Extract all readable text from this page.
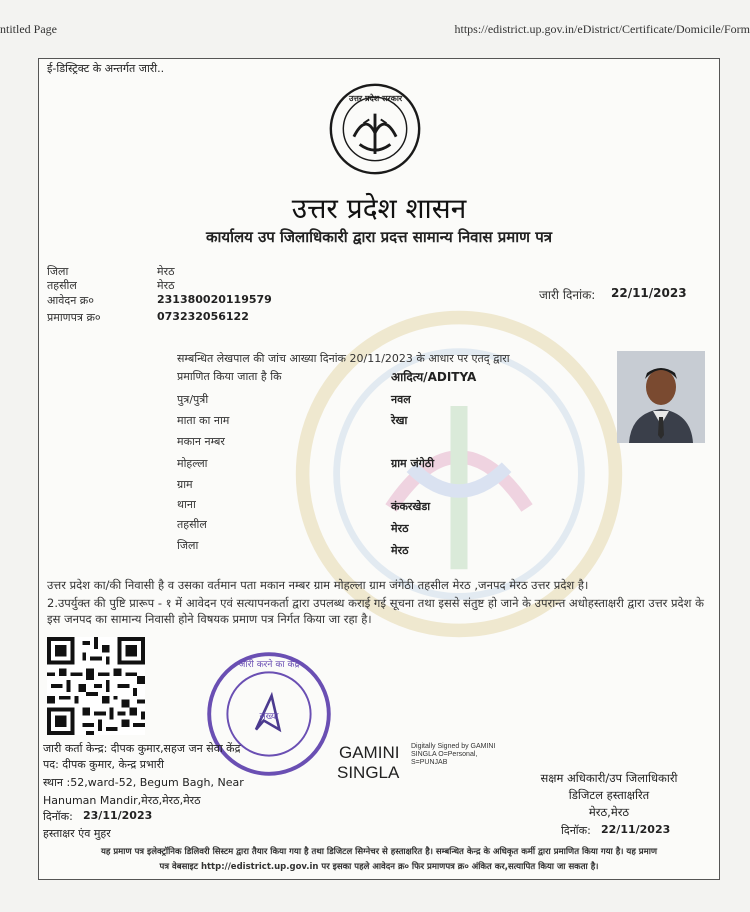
ntitled Page	https://edistrict.up.gov.in/eDistrict/Certificate/Domicile/Form
ई-डिस्ट्रिक्ट के अन्तर्गत जारी..
उत्तर प्रदेश सरकार
उत्तर प्रदेश शासन
कार्यालय उप जिलाधिकारी द्वारा प्रदत्त सामान्य निवास प्रमाण पत्र
जिला	मेरठ
तहसील	मेरठ
आवेदन क्र०	231380020119579
प्रमाणपत्र क्र०	073232056122
जारी दिनांक: 22/11/2023
सम्बन्धित लेखपाल की जांच आख्या दिनांक 20/11/2023 के आधार पर एतद् द्वारा
प्रमाणित किया जाता है कि	आदित्य/ADITYA
पुत्र/पुत्री	नवल
माता का नाम	रेखा
मकान नम्बर
मोहल्ला	ग्राम जंगेठी
ग्राम
थाना	कंकरखेडा
तहसील	मेरठ
जिला	मेरठ
उत्तर प्रदेश का/की निवासी है व उसका वर्तमान पता मकान नम्बर ग्राम मोहल्ला ग्राम जंगेठी तहसील मेरठ ,जनपद मेरठ उत्तर प्रदेश है।
2.उपर्युक्त की पुष्टि प्रारूप - १ में आवेदन एवं सत्यापनकर्ता द्वारा उपलब्ध कराई गई सूचना तथा इससे संतुष्ट हो जाने के उपरान्त अधोहस्ताक्षरी द्वारा उत्तर प्रदेश के इस जनपद का सामान्य निवासी होने विषयक प्रमाण पत्र निर्गत किया जा रहा है।
जारी करने का केंद्र
संख्या
जारी कर्ता केन्द्र: दीपक कुमार,सहज जन सेवा केंद्र
पद: दीपक कुमार, केन्द्र प्रभारी
स्थान :52,ward-52, Begum Bagh, Near
Hanuman Mandir,मेरठ,मेरठ,मेरठ
दिनॉक: 23/11/2023
हस्ताक्षर एंव मुहर
GAMINI
SINGLA
Digitally Signed by GAMINI
SINGLA O=Personal,
S=PUNJAB
सक्षम अधिकारी/उप जिलाधिकारी
डिजिटल हस्ताक्षरित
मेरठ,मेरठ
दिनॉक: 22/11/2023
यह प्रमाण पत्र इलेक्ट्रॉनिक डिलिवरी सिस्टम द्वारा तैयार किया गया है तथा डिजिटल सिग्नेचर से हस्ताक्षरित है। सम्बन्धित केन्द्र के अधिकृत कर्मी द्वारा प्रमाणित किया गया है। यह प्रमाण
पत्र वेबसाइट http://edistrict.up.gov.in पर इसका पहले आवेदन क्र० फिर प्रमाणपत्र क्र० अंकित कर,सत्यापित किया जा सकता है।
